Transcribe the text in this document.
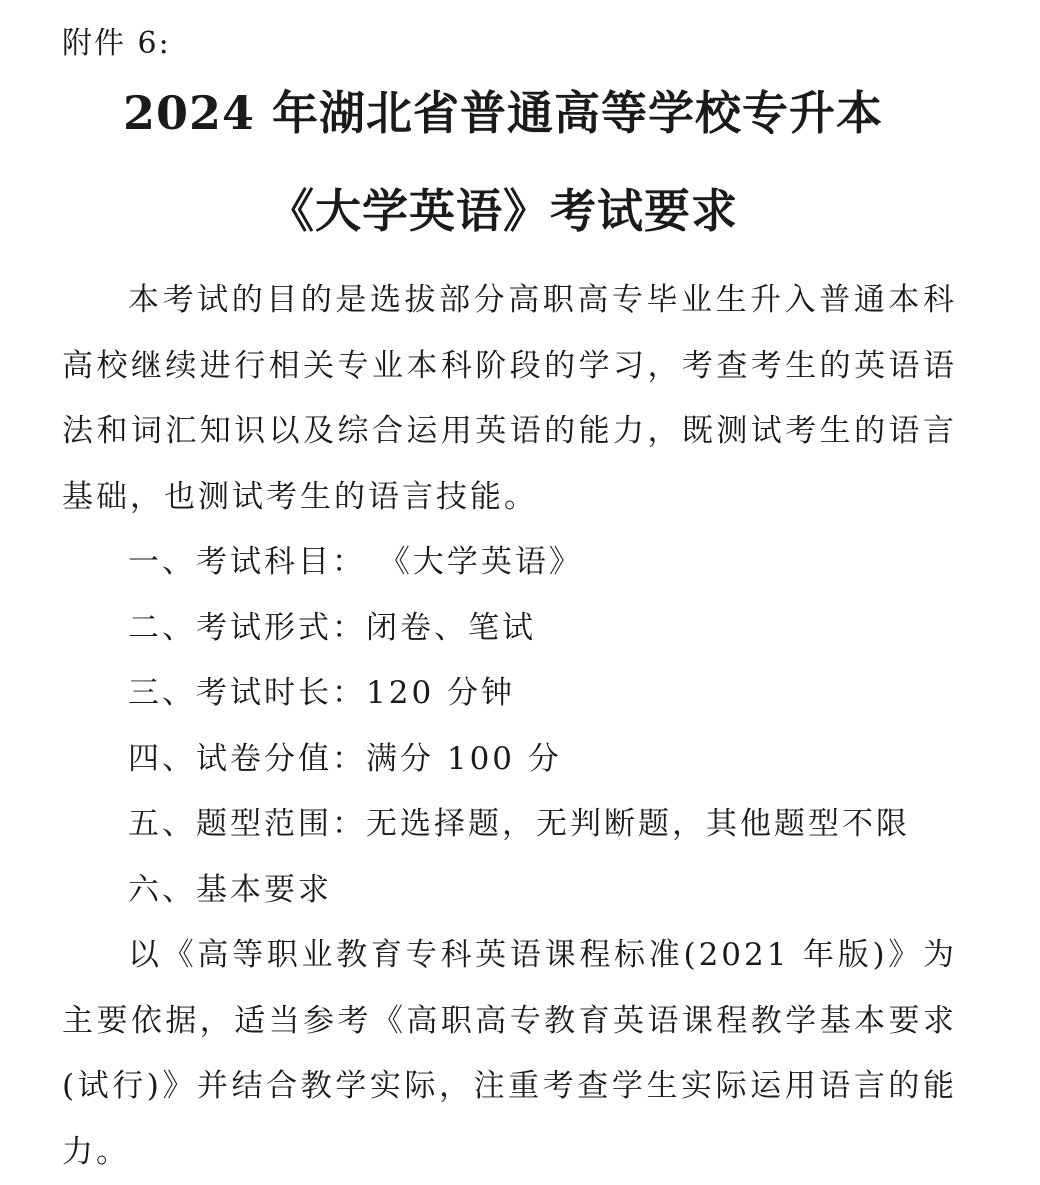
附件 6:
2024 年湖北省普通高等学校专升本
《大学英语》考试要求

本考试的目的是选拔部分高职高专毕业生升入普通本科高校继续进行相关专业本科阶段的学习，考查考生的英语语法和词汇知识以及综合运用英语的能力，既测试考生的语言基础，也测试考生的语言技能。

一、考试科目： 《大学英语》

二、考试形式：闭卷、笔试

三、考试时长：120 分钟

四、试卷分值：满分 100 分

五、题型范围：无选择题，无判断题，其他题型不限

六、基本要求

以《高等职业教育专科英语课程标准(2021 年版)》为主要依据，适当参考《高职高专教育英语课程教学基本要求(试行)》并结合教学实际，注重考查学生实际运用语言的能力。
